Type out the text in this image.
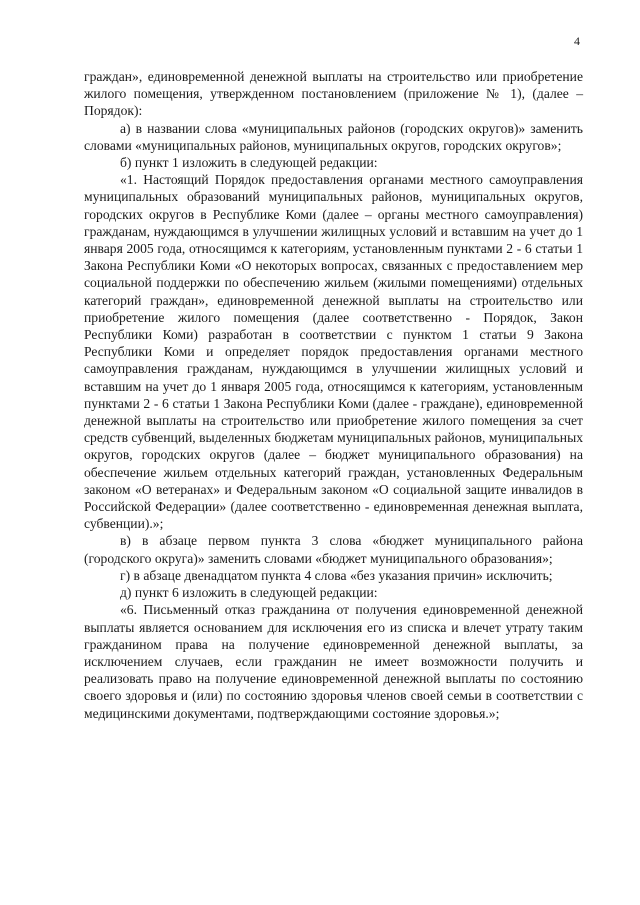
4

граждан», единовременной денежной выплаты на строительство или приобретение жилого помещения, утвержденном постановлением (приложение № 1), (далее – Порядок):

а) в названии слова «муниципальных районов (городских округов)» заменить словами «муниципальных районов, муниципальных округов, городских округов»;

б) пункт 1 изложить в следующей редакции:

«1. Настоящий Порядок предоставления органами местного самоуправления муниципальных образований муниципальных районов, муниципальных округов, городских округов в Республике Коми (далее – органы местного самоуправления) гражданам, нуждающимся в улучшении жилищных условий и вставшим на учет до 1 января 2005 года, относящимся к категориям, установленным пунктами 2 - 6 статьи 1 Закона Республики Коми «О некоторых вопросах, связанных с предоставлением мер социальной поддержки по обеспечению жильем (жилыми помещениями) отдельных категорий граждан», единовременной денежной выплаты на строительство или приобретение жилого помещения (далее соответственно - Порядок, Закон Республики Коми) разработан в соответствии с пунктом 1 статьи 9 Закона Республики Коми и определяет порядок предоставления органами местного самоуправления гражданам, нуждающимся в улучшении жилищных условий и вставшим на учет до 1 января 2005 года, относящимся к категориям, установленным пунктами 2 - 6 статьи 1 Закона Республики Коми (далее - граждане), единовременной денежной выплаты на строительство или приобретение жилого помещения за счет средств субвенций, выделенных бюджетам муниципальных районов, муниципальных округов, городских округов (далее – бюджет муниципального образования) на обеспечение жильем отдельных категорий граждан, установленных Федеральным законом «О ветеранах» и Федеральным законом «О социальной защите инвалидов в Российской Федерации» (далее соответственно - единовременная денежная выплата, субвенции).»;

в) в абзаце первом пункта 3 слова «бюджет муниципального района (городского округа)» заменить словами «бюджет муниципального образования»;

г) в абзаце двенадцатом пункта 4 слова «без указания причин» исключить;

д) пункт 6 изложить в следующей редакции:

«6. Письменный отказ гражданина от получения единовременной денежной выплаты является основанием для исключения его из списка и влечет утрату таким гражданином права на получение единовременной денежной выплаты, за исключением случаев, если гражданин не имеет возможности получить и реализовать право на получение единовременной денежной выплаты по состоянию своего здоровья и (или) по состоянию здоровья членов своей семьи в соответствии с медицинскими документами, подтверждающими состояние здоровья.»;
